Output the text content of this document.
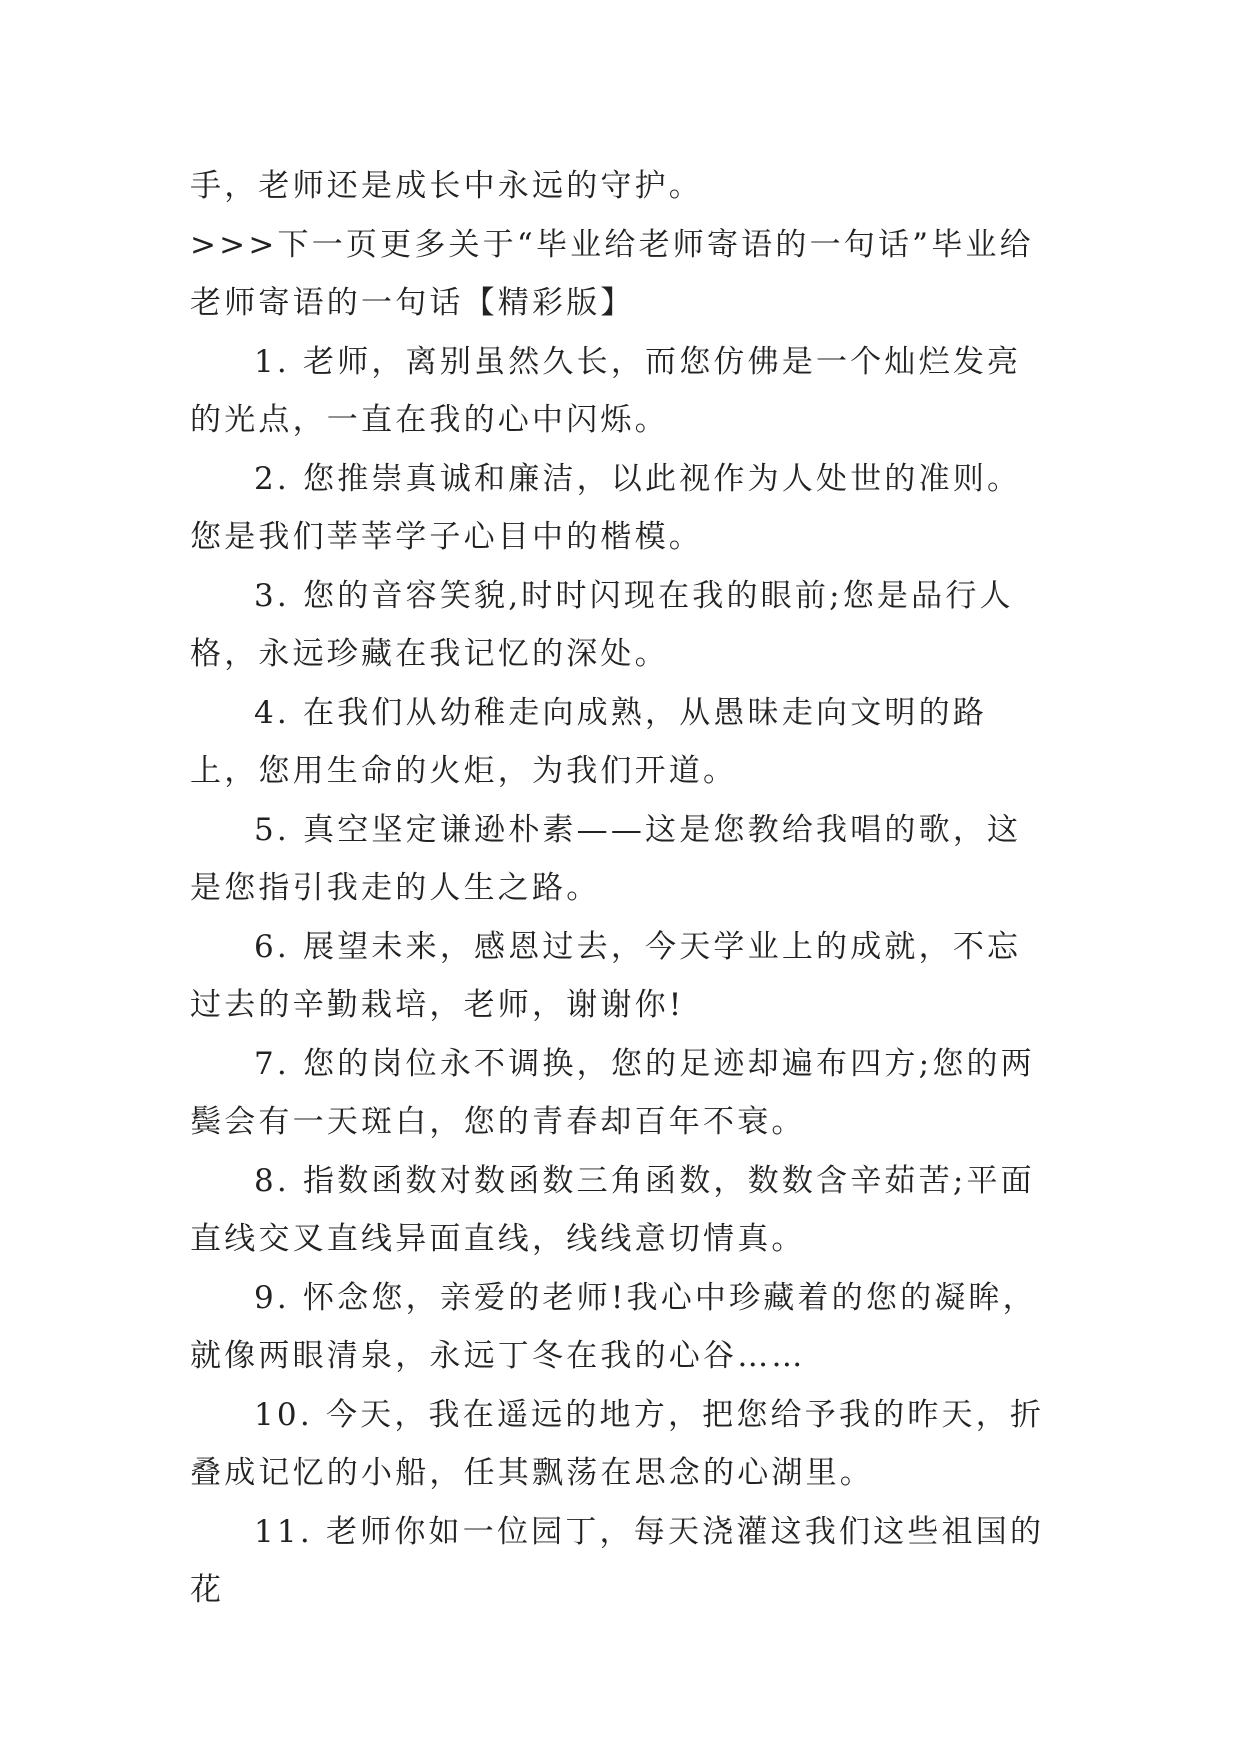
手，老师还是成长中永远的守护。

>>>下一页更多关于“毕业给老师寄语的一句话”毕业给老师寄语的一句话【精彩版】

1. 老师，离别虽然久长，而您仿佛是一个灿烂发亮的光点，一直在我的心中闪烁。

2. 您推崇真诚和廉洁，以此视作为人处世的准则。您是我们莘莘学子心目中的楷模。

3. 您的音容笑貌,时时闪现在我的眼前;您是品行人格，永远珍藏在我记忆的深处。

4. 在我们从幼稚走向成熟，从愚昧走向文明的路上，您用生命的火炬，为我们开道。

5. 真空坚定谦逊朴素——这是您教给我唱的歌，这是您指引我走的人生之路。

6. 展望未来，感恩过去，今天学业上的成就，不忘过去的辛勤栽培，老师，谢谢你!

7. 您的岗位永不调换，您的足迹却遍布四方;您的两鬓会有一天斑白，您的青春却百年不衰。

8. 指数函数对数函数三角函数，数数含辛茹苦;平面直线交叉直线异面直线，线线意切情真。

9. 怀念您，亲爱的老师!我心中珍藏着的您的凝眸，就像两眼清泉，永远丁冬在我的心谷……

10. 今天，我在遥远的地方，把您给予我的昨天，折叠成记忆的小船，任其飘荡在思念的心湖里。

11. 老师你如一位园丁，每天浇灌这我们这些祖国的花
